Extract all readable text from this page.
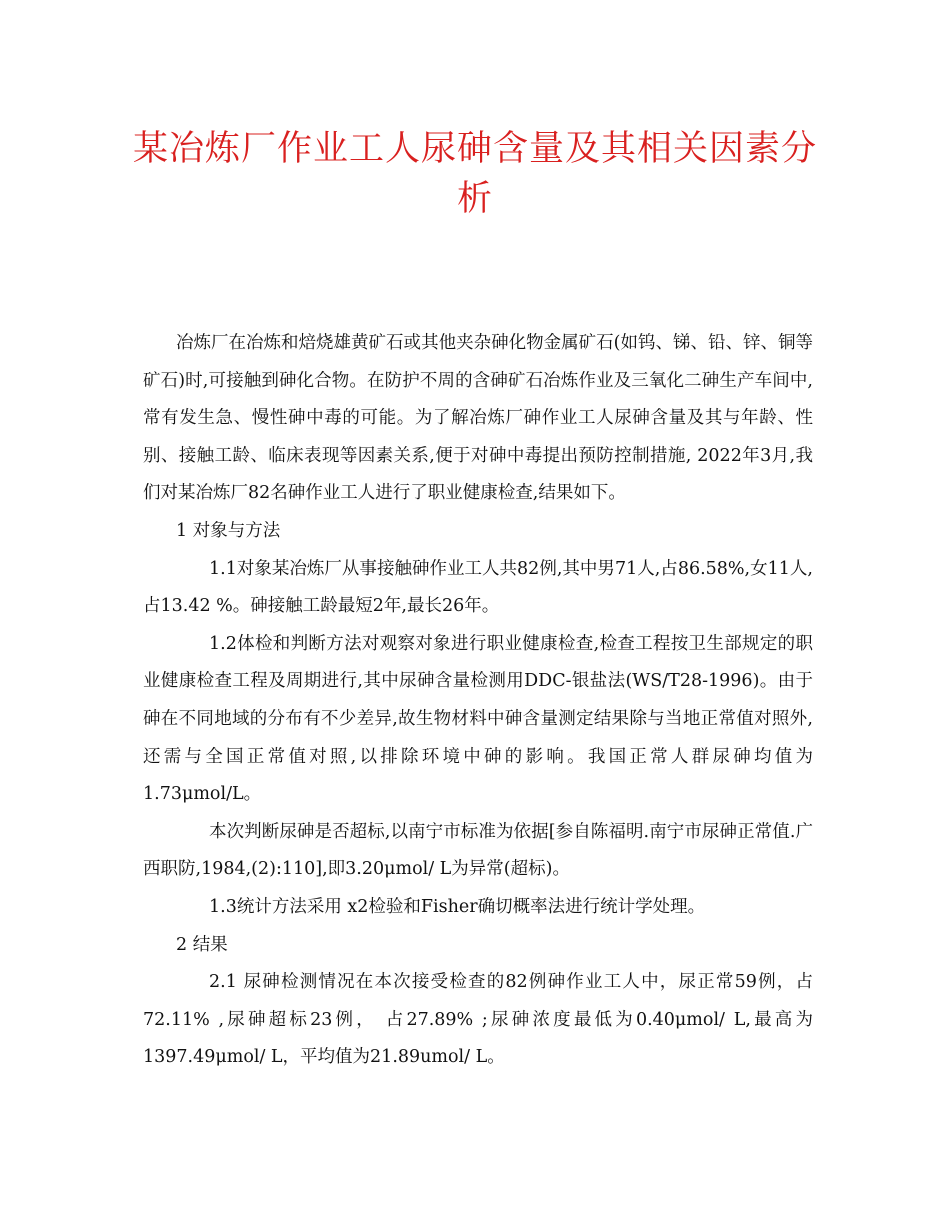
某冶炼厂作业工人尿砷含量及其相关因素分析

冶炼厂在冶炼和焙烧雄黄矿石或其他夹杂砷化物金属矿石(如钨、锑、铅、锌、铜等矿石)时,可接触到砷化合物。在防护不周的含砷矿石冶炼作业及三氧化二砷生产车间中,常有发生急、慢性砷中毒的可能。为了解冶炼厂砷作业工人尿砷含量及其与年龄、性别、接触工龄、临床表现等因素关系,便于对砷中毒提出预防控制措施, 2022年3月,我们对某冶炼厂82名砷作业工人进行了职业健康检查,结果如下。

1 对象与方法

1.1对象某冶炼厂从事接触砷作业工人共82例,其中男71人,占86.58%,女11人,占13.42 %。砷接触工龄最短2年,最长26年。

1.2体检和判断方法对观察对象进行职业健康检查,检查工程按卫生部规定的职业健康检查工程及周期进行,其中尿砷含量检测用DDC-银盐法(WS/T28-1996)。由于砷在不同地域的分布有不少差异,故生物材料中砷含量测定结果除与当地正常值对照外,还需与全国正常值对照,以排除环境中砷的影响。我国正常人群尿砷均值为1.73μmol/L。

本次判断尿砷是否超标,以南宁市标准为依据[参自陈福明.南宁市尿砷正常值.广西职防,1984,(2):110],即3.20μmol/ L为异常(超标)。

1.3统计方法采用 x2检验和Fisher确切概率法进行统计学处理。

2 结果

2.1 尿砷检测情况在本次接受检查的82例砷作业工人中，尿正常59例，占72.11% ,尿砷超标23例， 占27.89% ;尿砷浓度最低为0.40μmol/ L,最高为1397.49μmol/ L，平均值为21.89umol/ L。
